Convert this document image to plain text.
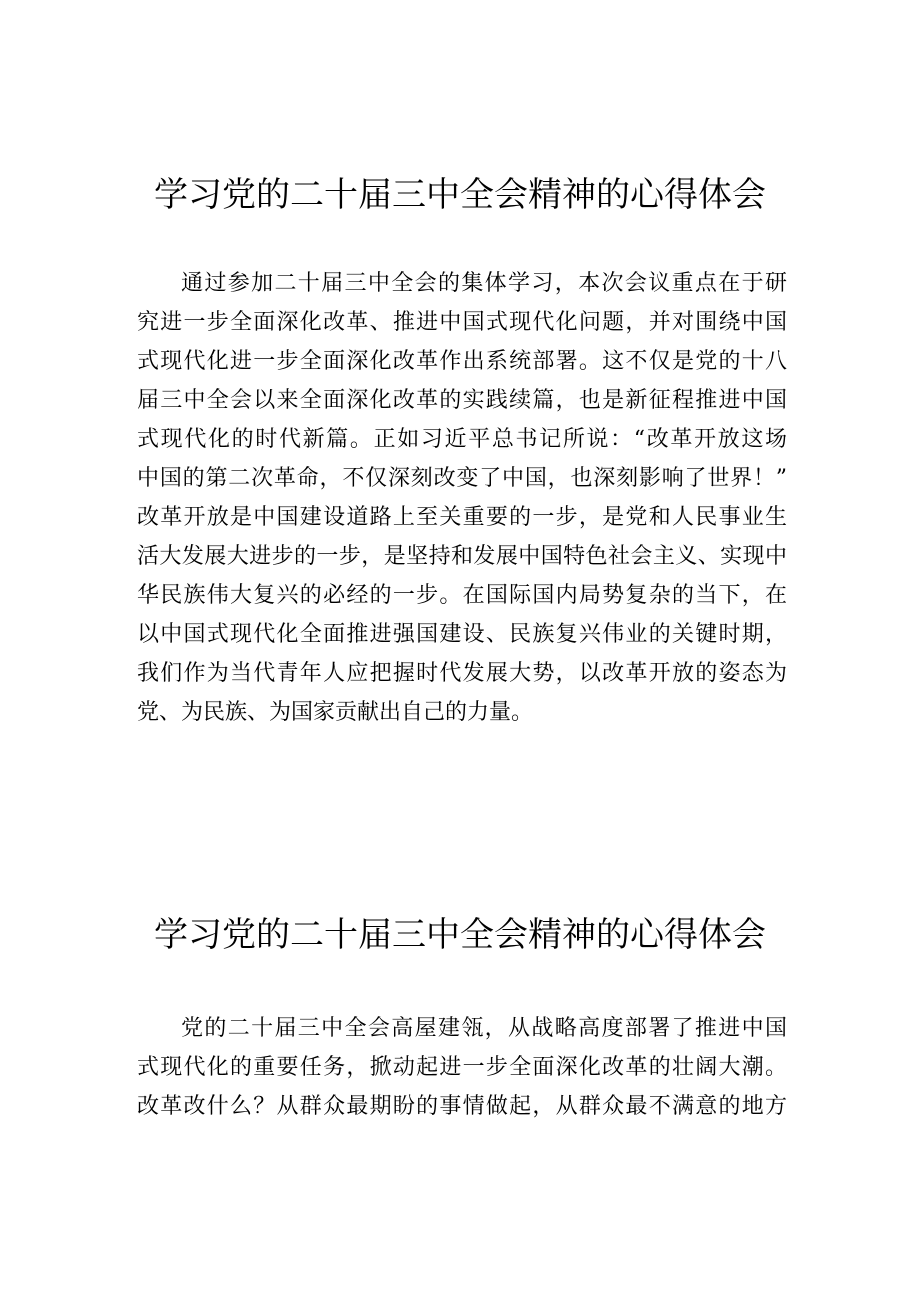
学习党的二十届三中全会精神的心得体会
通过参加二十届三中全会的集体学习，本次会议重点在于研
究进一步全面深化改革、推进中国式现代化问题，并对围绕中国
式现代化进一步全面深化改革作出系统部署。这不仅是党的十八
届三中全会以来全面深化改革的实践续篇，也是新征程推进中国
式现代化的时代新篇。正如习近平总书记所说：“改革开放这场
中国的第二次革命，不仅深刻改变了中国，也深刻影响了世界！”
改革开放是中国建设道路上至关重要的一步，是党和人民事业生
活大发展大进步的一步，是坚持和发展中国特色社会主义、实现中
华民族伟大复兴的必经的一步。在国际国内局势复杂的当下，在
以中国式现代化全面推进强国建设、民族复兴伟业的关键时期，
我们作为当代青年人应把握时代发展大势，以改革开放的姿态为
党、为民族、为国家贡献出自己的力量。
学习党的二十届三中全会精神的心得体会
党的二十届三中全会高屋建瓴，从战略高度部署了推进中国
式现代化的重要任务，掀动起进一步全面深化改革的壮阔大潮。
改革改什么？从群众最期盼的事情做起，从群众最不满意的地方
